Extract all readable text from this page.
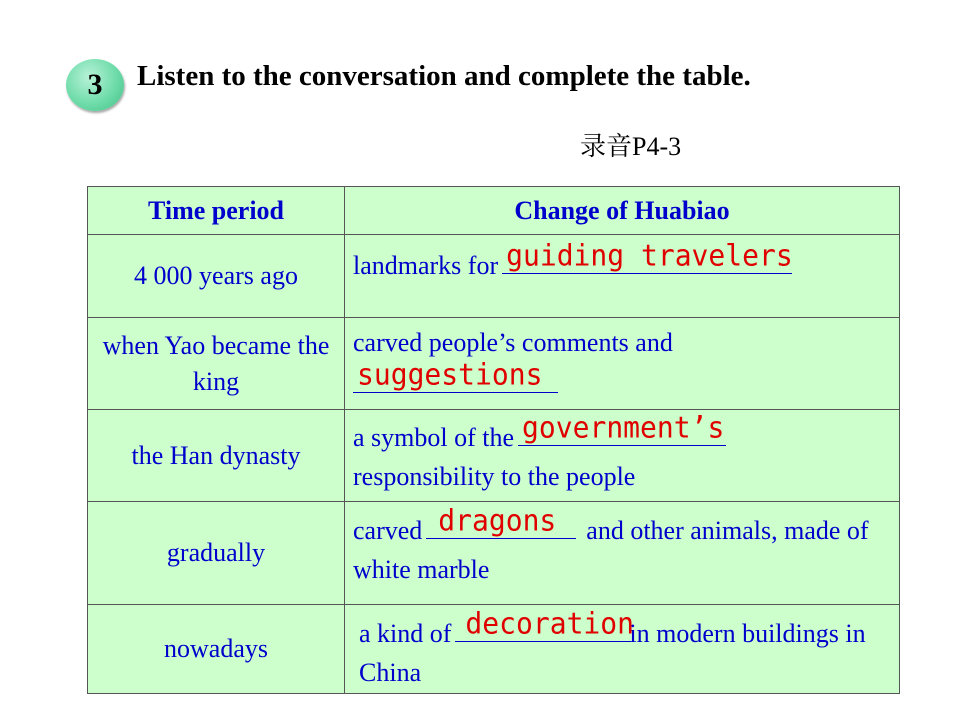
3	Listen to the conversation and complete the table.
录音P4-3
Time period	Change of Huabiao
4 000 years ago	landmarks for guiding travelers

when Yao became the king	carved people’s comments and

suggestions

the Han dynasty	a symbol of the government’s

responsibility to the people
gradually	carved dragons and other animals, made of white marble
nowadays	a kind of decoration
in modern buildings in China
